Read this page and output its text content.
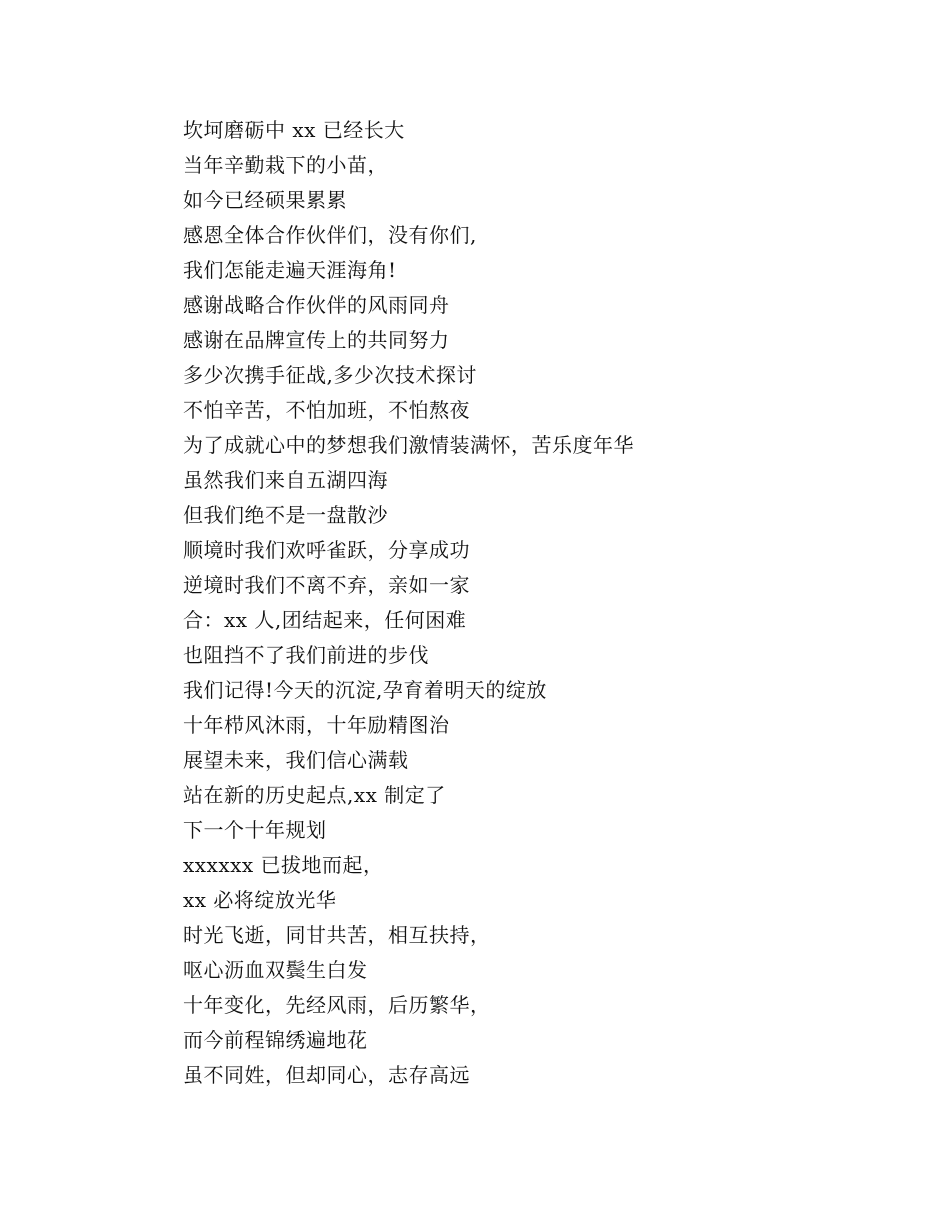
坎坷磨砺中 xx 已经长大
当年辛勤栽下的小苗，
如今已经硕果累累
感恩全体合作伙伴们，没有你们,
我们怎能走遍天涯海角!
感谢战略合作伙伴的风雨同舟
感谢在品牌宣传上的共同努力
多少次携手征战,多少次技术探讨
不怕辛苦，不怕加班，不怕熬夜
为了成就心中的梦想我们激情装满怀，苦乐度年华
虽然我们来自五湖四海
但我们绝不是一盘散沙
顺境时我们欢呼雀跃，分享成功
逆境时我们不离不弃，亲如一家
合：xx 人,团结起来，任何困难
也阻挡不了我们前进的步伐
我们记得!今天的沉淀,孕育着明天的绽放
十年栉风沐雨，十年励精图治
展望未来，我们信心满载
站在新的历史起点,xx 制定了
下一个十年规划
xxxxxx 已拔地而起，
xx 必将绽放光华
时光飞逝，同甘共苦，相互扶持，
呕心沥血双鬓生白发
十年变化，先经风雨，后历繁华，
而今前程锦绣遍地花
虽不同姓，但却同心，志存高远
